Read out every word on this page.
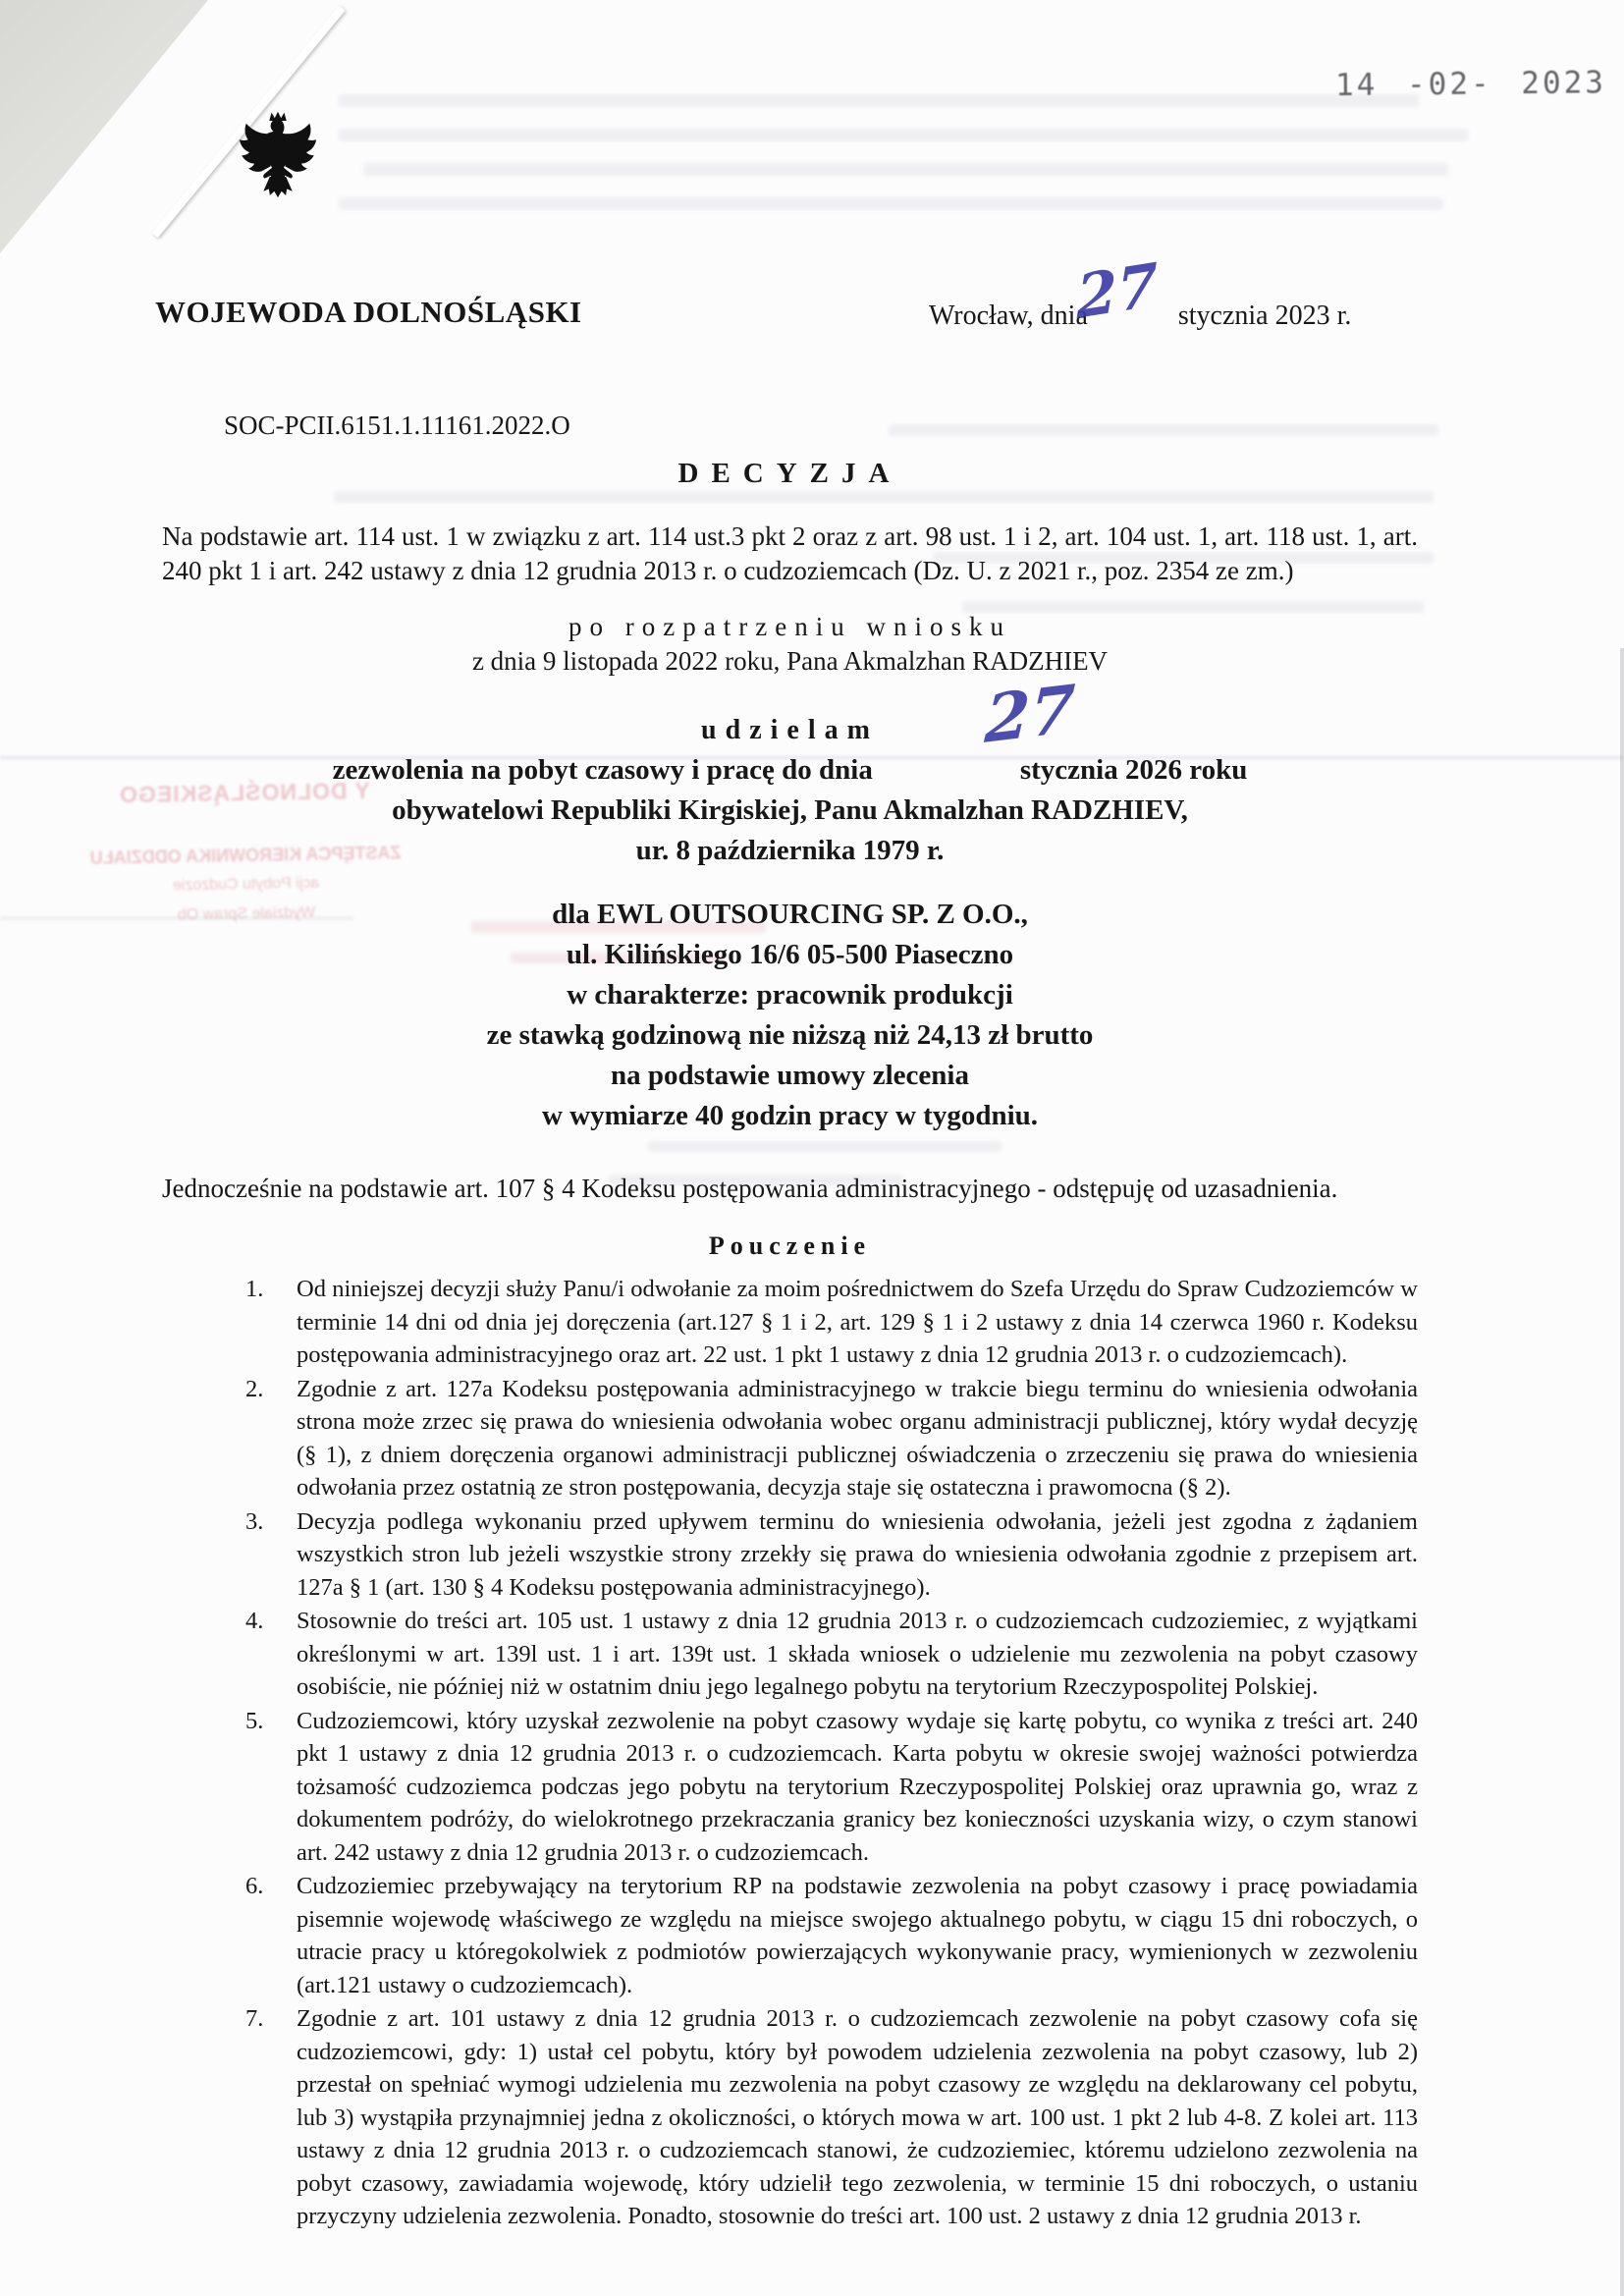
Y DOLNOŚLĄSKIEGO
ZASTĘPCA KIEROWNIKA ODDZIAŁU
acji Pobytu Cudzozie
Wydziale Spraw Ob
14 -02- 2023
WOJEWODA DOLNOŚLĄSKI	Wrocław, dnia	stycznia 2023 r.
27
SOC-PCII.6151.1.11161.2022.O
DECYZJA

Na podstawie art. 114 ust. 1 w związku z art. 114 ust.3 pkt 2 oraz z art. 98 ust. 1 i 2, art. 104 ust. 1, art. 118 ust. 1, art. 240 pkt 1 i art. 242 ustawy z dnia 12 grudnia 2013 r. o cudzoziemcach (Dz. U. z 2021 r., poz. 2354 ze zm.)

po rozpatrzeniu wniosku
z dnia 9 listopada 2022 roku, Pana Akmalzhan RADZHIEV
udzielam	27
zezwolenia na pobyt czasowy i pracę do dnia	stycznia 2026 roku
obywatelowi Republiki Kirgiskiej, Panu Akmalzhan RADZHIEV,
ur. 8 października 1979 r.
dla EWL OUTSOURCING SP. Z O.O.,
ul. Kilińskiego 16/6 05-500 Piaseczno
w charakterze: pracownik produkcji
ze stawką godzinową nie niższą niż 24,13 zł brutto
na podstawie umowy zlecenia
w wymiarze 40 godzin pracy w tygodniu.

Jednocześnie na podstawie art. 107 § 4 Kodeksu postępowania administracyjnego - odstępuję od uzasadnienia.

Pouczenie
1. Od niniejszej decyzji służy Panu/i odwołanie za moim pośrednictwem do Szefa Urzędu do Spraw Cudzoziemców w terminie 14 dni od dnia jej doręczenia (art.127 § 1 i 2, art. 129 § 1 i 2 ustawy z dnia 14 czerwca 1960 r. Kodeksu postępowania administracyjnego oraz art. 22 ust. 1 pkt 1 ustawy z dnia 12 grudnia 2013 r. o cudzoziemcach).
2. Zgodnie z art. 127a Kodeksu postępowania administracyjnego w trakcie biegu terminu do wniesienia odwołania strona może zrzec się prawa do wniesienia odwołania wobec organu administracji publicznej, który wydał decyzję (§ 1), z dniem doręczenia organowi administracji publicznej oświadczenia o zrzeczeniu się prawa do wniesienia odwołania przez ostatnią ze stron postępowania, decyzja staje się ostateczna i prawomocna (§ 2).
3. Decyzja podlega wykonaniu przed upływem terminu do wniesienia odwołania, jeżeli jest zgodna z żądaniem wszystkich stron lub jeżeli wszystkie strony zrzekły się prawa do wniesienia odwołania zgodnie z przepisem art. 127a § 1 (art. 130 § 4 Kodeksu postępowania administracyjnego).
4. Stosownie do treści art. 105 ust. 1 ustawy z dnia 12 grudnia 2013 r. o cudzoziemcach cudzoziemiec, z wyjątkami określonymi w art. 139l ust. 1 i art. 139t ust. 1 składa wniosek o udzielenie mu zezwolenia na pobyt czasowy osobiście, nie później niż w ostatnim dniu jego legalnego pobytu na terytorium Rzeczypospolitej Polskiej.
5. Cudzoziemcowi, który uzyskał zezwolenie na pobyt czasowy wydaje się kartę pobytu, co wynika z treści art. 240 pkt 1 ustawy z dnia 12 grudnia 2013 r. o cudzoziemcach. Karta pobytu w okresie swojej ważności potwierdza tożsamość cudzoziemca podczas jego pobytu na terytorium Rzeczypospolitej Polskiej oraz uprawnia go, wraz z dokumentem podróży, do wielokrotnego przekraczania granicy bez konieczności uzyskania wizy, o czym stanowi art. 242 ustawy z dnia 12 grudnia 2013 r. o cudzoziemcach.
6. Cudzoziemiec przebywający na terytorium RP na podstawie zezwolenia na pobyt czasowy i pracę powiadamia pisemnie wojewodę właściwego ze względu na miejsce swojego aktualnego pobytu, w ciągu 15 dni roboczych, o utracie pracy u któregokolwiek z podmiotów powierzających wykonywanie pracy, wymienionych w zezwoleniu (art.121 ustawy o cudzoziemcach).
7. Zgodnie z art. 101 ustawy z dnia 12 grudnia 2013 r. o cudzoziemcach zezwolenie na pobyt czasowy cofa się cudzoziemcowi, gdy: 1) ustał cel pobytu, który był powodem udzielenia zezwolenia na pobyt czasowy, lub 2) przestał on spełniać wymogi udzielenia mu zezwolenia na pobyt czasowy ze względu na deklarowany cel pobytu, lub 3) wystąpiła przynajmniej jedna z okoliczności, o których mowa w art. 100 ust. 1 pkt 2 lub 4-8. Z kolei art. 113 ustawy z dnia 12 grudnia 2013 r. o cudzoziemcach stanowi, że cudzoziemiec, któremu udzielono zezwolenia na pobyt czasowy, zawiadamia wojewodę, który udzielił tego zezwolenia, w terminie 15 dni roboczych, o ustaniu przyczyny udzielenia zezwolenia. Ponadto, stosownie do treści art. 100 ust. 2 ustawy z dnia 12 grudnia 2013 r.
